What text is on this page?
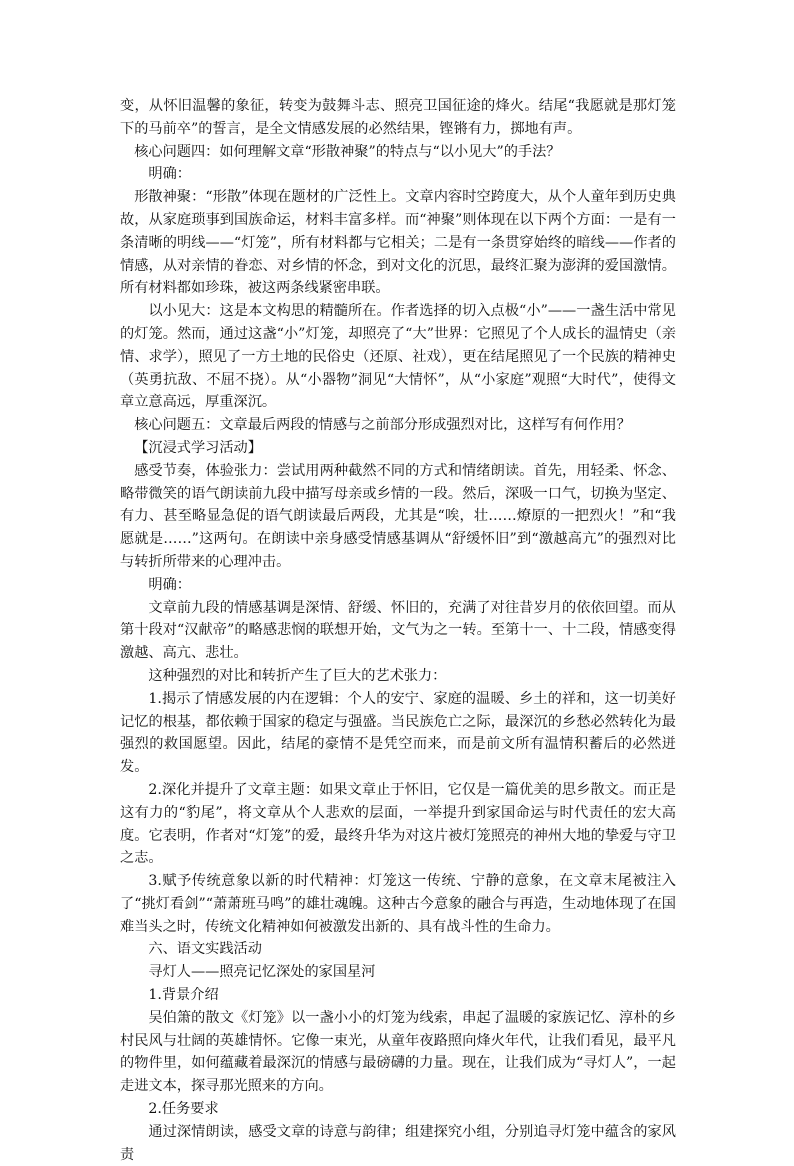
变，从怀旧温馨的象征，转变为鼓舞斗志、照亮卫国征途的烽火。结尾“我愿就是那灯笼下的马前卒”的誓言，是全文情感发展的必然结果，铿锵有力，掷地有声。

核心问题四：如何理解文章“形散神聚”的特点与“以小见大”的手法？

明确：

形散神聚：“形散”体现在题材的广泛性上。文章内容时空跨度大，从个人童年到历史典故，从家庭琐事到国族命运，材料丰富多样。而“神聚”则体现在以下两个方面：一是有一条清晰的明线——“灯笼”，所有材料都与它相关；二是有一条贯穿始终的暗线——作者的情感，从对亲情的眷恋、对乡情的怀念，到对文化的沉思，最终汇聚为澎湃的爱国激情。所有材料都如珍珠，被这两条线紧密串联。

以小见大：这是本文构思的精髓所在。作者选择的切入点极“小”——一盏生活中常见的灯笼。然而，通过这盏“小”灯笼，却照亮了“大”世界：它照见了个人成长的温情史（亲情、求学），照见了一方土地的民俗史（还原、社戏），更在结尾照见了一个民族的精神史（英勇抗敌、不屈不挠）。从“小器物”洞见“大情怀”，从“小家庭”观照“大时代”，使得文章立意高远，厚重深沉。

核心问题五：文章最后两段的情感与之前部分形成强烈对比，这样写有何作用？

【沉浸式学习活动】

感受节奏，体验张力：尝试用两种截然不同的方式和情绪朗读。首先，用轻柔、怀念、略带微笑的语气朗读前九段中描写母亲或乡情的一段。然后，深吸一口气，切换为坚定、有力、甚至略显急促的语气朗读最后两段，尤其是“唉，壮……燎原的一把烈火！”和“我愿就是……”这两句。在朗读中亲身感受情感基调从“舒缓怀旧”到“激越高亢”的强烈对比与转折所带来的心理冲击。

明确：

文章前九段的情感基调是深情、舒缓、怀旧的，充满了对往昔岁月的依依回望。而从第十段对“汉献帝”的略感悲悯的联想开始，文气为之一转。至第十一、十二段，情感变得激越、高亢、悲壮。

这种强烈的对比和转折产生了巨大的艺术张力：

1.揭示了情感发展的内在逻辑：个人的安宁、家庭的温暖、乡土的祥和，这一切美好记忆的根基，都依赖于国家的稳定与强盛。当民族危亡之际，最深沉的乡愁必然转化为最强烈的救国愿望。因此，结尾的豪情不是凭空而来，而是前文所有温情积蓄后的必然迸发。

2.深化并提升了文章主题：如果文章止于怀旧，它仅是一篇优美的思乡散文。而正是这有力的“豹尾”，将文章从个人悲欢的层面，一举提升到家国命运与时代责任的宏大高度。它表明，作者对“灯笼”的爱，最终升华为对这片被灯笼照亮的神州大地的挚爱与守卫之志。

3.赋予传统意象以新的时代精神：灯笼这一传统、宁静的意象，在文章末尾被注入了“挑灯看剑”“萧萧班马鸣”的雄壮魂魄。这种古今意象的融合与再造，生动地体现了在国难当头之时，传统文化精神如何被激发出新的、具有战斗性的生命力。

六、语文实践活动

寻灯人——照亮记忆深处的家国星河

1.背景介绍

吴伯箫的散文《灯笼》以一盏小小的灯笼为线索，串起了温暖的家族记忆、淳朴的乡村民风与壮阔的英雄情怀。它像一束光，从童年夜路照向烽火年代，让我们看见，最平凡的物件里，如何蕴藏着最深沉的情感与最磅礴的力量。现在，让我们成为“寻灯人”，一起走进文本，探寻那光照来的方向。

2.任务要求

通过深情朗读，感受文章的诗意与韵律；组建探究小组，分别追寻灯笼中蕴含的家风责
